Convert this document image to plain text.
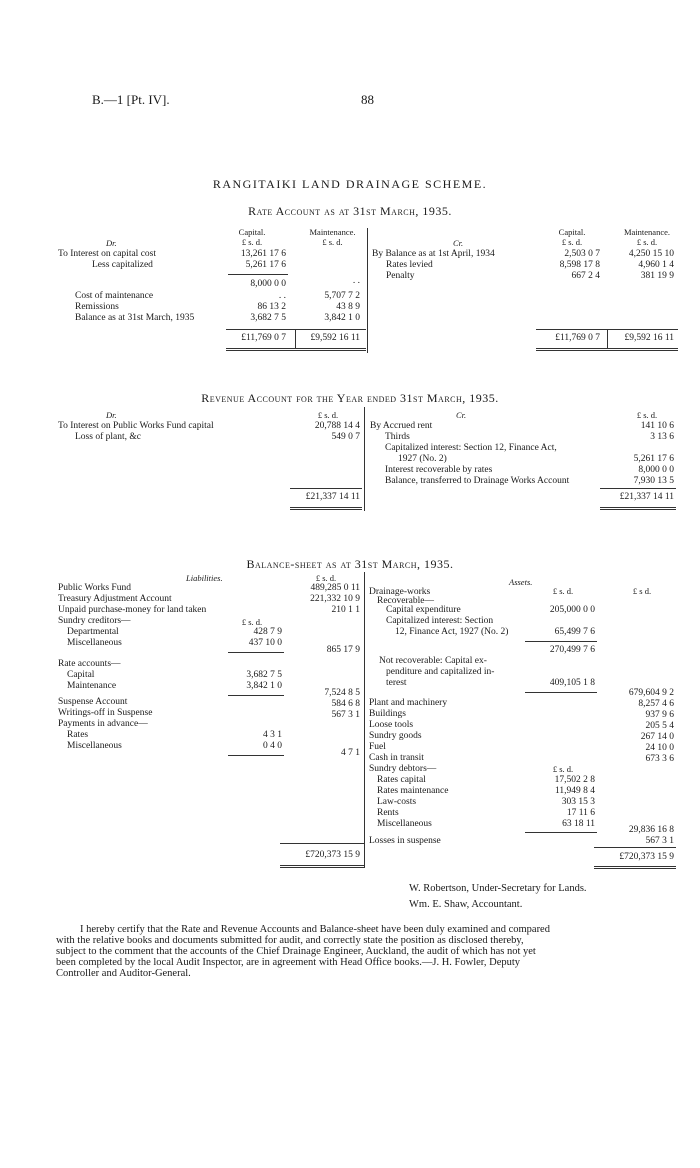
B.—1 [Pt. IV].	88
RANGITAIKI LAND DRAINAGE SCHEME.
Rate Account as at 31st March, 1935.
Dr.
Capital.	Maintenance.
£ s. d.	£ s. d.	Cr.
Capital.	Maintenance.
£ s. d.	£ s. d.
To Interest on capital cost	13,261 17 6
Less capitalized	5,261 17 6
8,000 0 0	. .
Cost of maintenance	. .	5,707 7 2
Remissions	86 13 2	43 8 9
Balance as at 31st March, 1935	3,682 7 5	3,842 1 0
£11,769 0 7	£9,592 16 11
By Balance as at 1st April, 1934	2,503 0 7	4,250 15 10
Rates levied	8,598 17 8	4,960 1 4
Penalty	667 2 4	381 19 9
£11,769 0 7	£9,592 16 11
Revenue Account for the Year ended 31st March, 1935.
Dr.	£ s. d.
To Interest on Public Works Fund capital	20,788 14 4
Loss of plant, &c	549 0 7
£21,337 14 11
Cr.	£ s. d.
By Accrued rent	141 10 6
Thirds	3 13 6
Capitalized interest: Section 12, Finance Act,
1927 (No. 2)	5,261 17 6
Interest recoverable by rates	8,000 0 0
Balance, transferred to Drainage Works Account	7,930 13 5
£21,337 14 11
Balance-sheet as at 31st March, 1935.
Liabilities.	£ s. d.	Assets.
Public Works Fund	489,285 0 11
Treasury Adjustment Account	221,332 10 9
Unpaid purchase-money for land taken	210 1 1
Sundry creditors—	£ s. d.
Departmental	428 7 9
Miscellaneous	437 10 0
865 17 9
Rate accounts—
Capital	3,682 7 5
Maintenance	3,842 1 0
7,524 8 5
Suspense Account	584 6 8
Writings-off in Suspense	567 3 1
Payments in advance—
Rates	4 3 1
Miscellaneous	0 4 0
4 7 1
£720,373 15 9
Drainage-works	£ s. d.	£ s d.
Recoverable—
Capital expenditure	205,000 0 0
Capitalized interest: Section
12, Finance Act, 1927 (No. 2)	65,499 7 6
270,499 7 6
Not recoverable: Capital ex-
penditure and capitalized in-
terest	409,105 1 8
679,604 9 2
Plant and machinery	8,257 4 6
Buildings	937 9 6
Loose tools	205 5 4
Sundry goods	267 14 0
Fuel	24 10 0
Cash in transit	673 3 6
Sundry debtors—	£ s. d.
Rates capital	17,502 2 8
Rates maintenance	11,949 8 4
Law-costs	303 15 3
Rents	17 11 6
Miscellaneous	63 18 11
29,836 16 8
Losses in suspense	567 3 1
£720,373 15 9
W. Robertson, Under-Secretary for Lands.
Wm. E. Shaw, Accountant.
I hereby certify that the Rate and Revenue Accounts and Balance-sheet have been duly examined and compared
with the relative books and documents submitted for audit, and correctly state the position as disclosed thereby,
subject to the comment that the accounts of the Chief Drainage Engineer, Auckland, the audit of which has not yet
been completed by the local Audit Inspector, are in agreement with Head Office books.—J. H. Fowler, Deputy
Controller and Auditor-General.
